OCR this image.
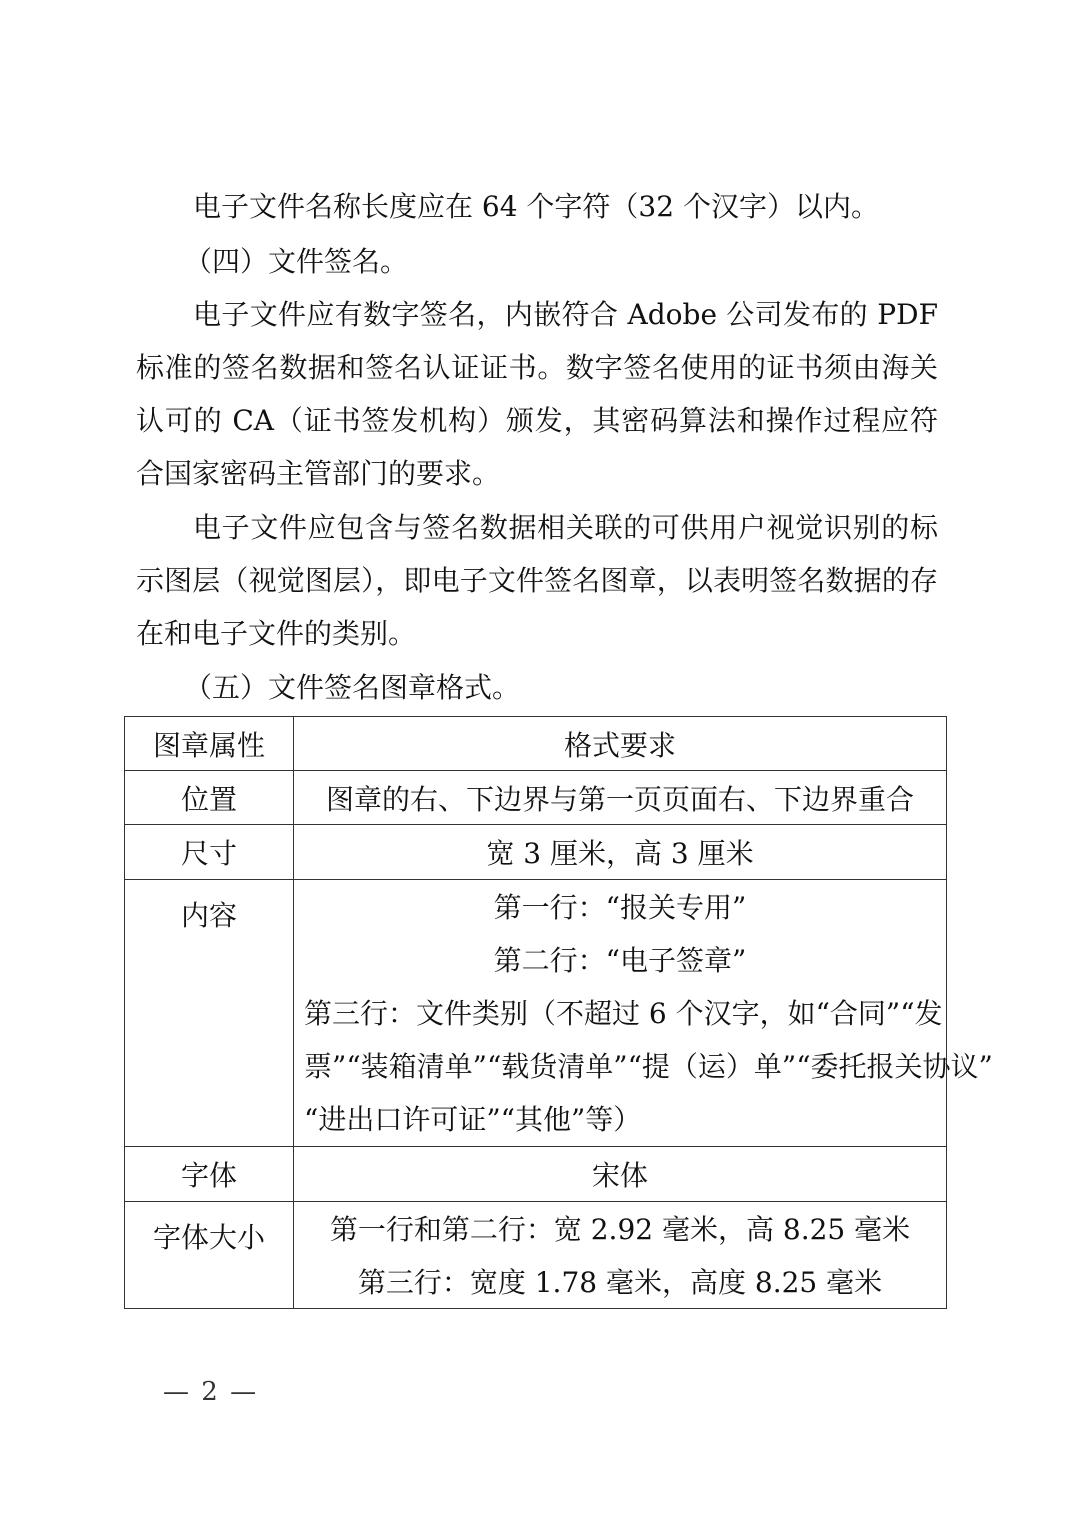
电子文件名称长度应在 64 个字符（32 个汉字）以内。
（四）文件签名。
电子文件应有数字签名，内嵌符合 Adobe 公司发布的 PDF
标准的签名数据和签名认证证书。数字签名使用的证书须由海关
认可的 CA（证书签发机构）颁发，其密码算法和操作过程应符
合国家密码主管部门的要求。
电子文件应包含与签名数据相关联的可供用户视觉识别的标
示图层（视觉图层），即电子文件签名图章，以表明签名数据的存
在和电子文件的类别。
（五）文件签名图章格式。
图章属性	格式要求
位置	图章的右、下边界与第一页页面右、下边界重合
尺寸	宽 3 厘米，高 3 厘米
内容	第一行：“报关专用”
第二行：“电子签章”
第三行：文件类别（不超过 6 个汉字，如“合同”“发
票”“装箱清单”“载货清单”“提（运）单”“委托报关协议”
“进出口许可证”“其他”等）

字体	宋体
字体大小	第一行和第二行：宽 2.92 毫米，高 8.25 毫米
第三行：宽度 1.78 毫米，高度 8.25 毫米
— 2 —
